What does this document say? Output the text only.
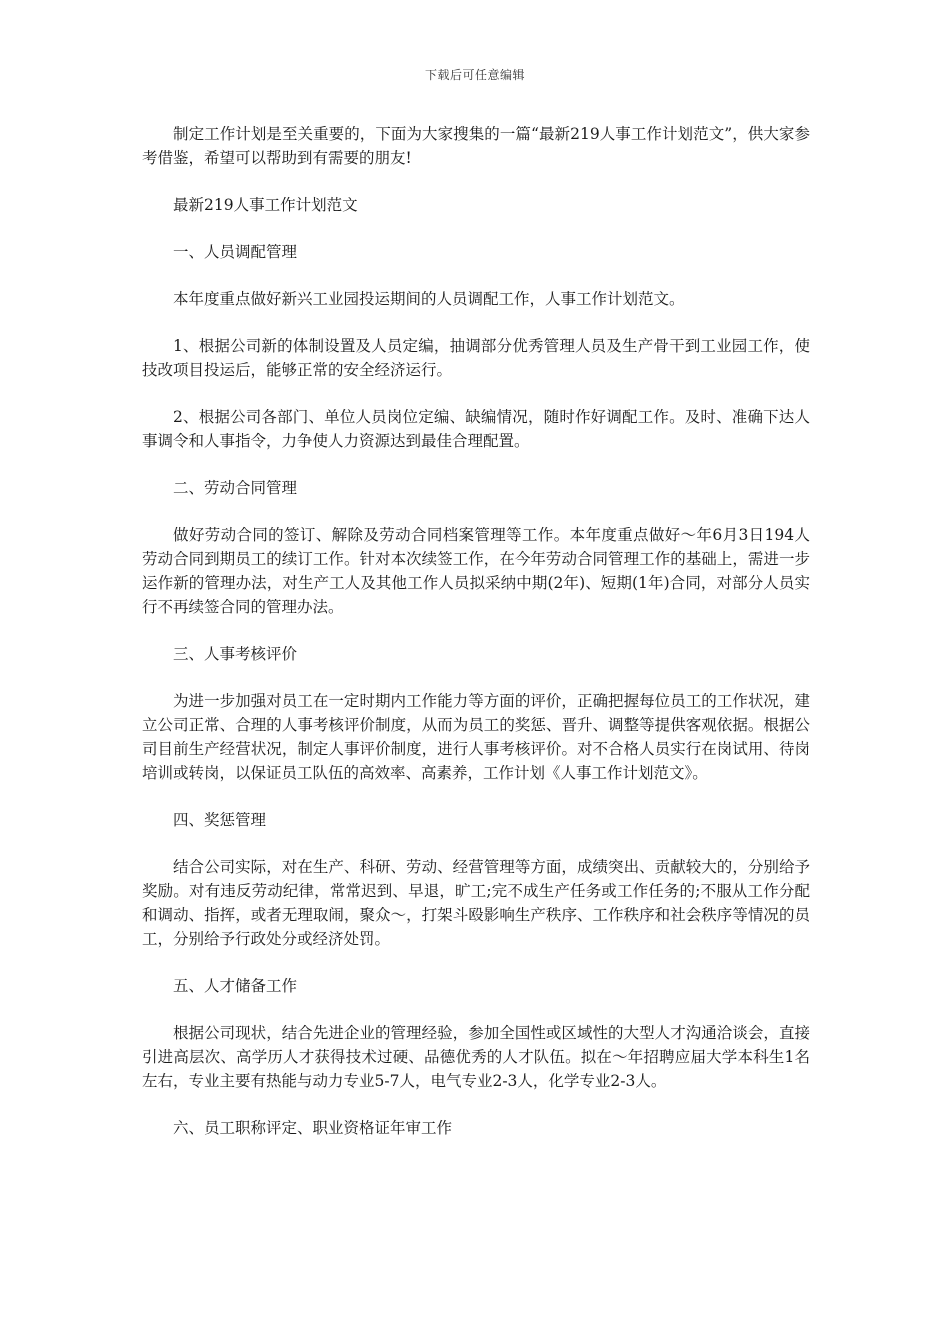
下载后可任意编辑

制定工作计划是至关重要的，下面为大家搜集的一篇“最新219人事工作计划范文”，供大家参考借鉴，希望可以帮助到有需要的朋友!

最新219人事工作计划范文

一、人员调配管理

本年度重点做好新兴工业园投运期间的人员调配工作，人事工作计划范文。

1、根据公司新的体制设置及人员定编，抽调部分优秀管理人员及生产骨干到工业园工作，使技改项目投运后，能够正常的安全经济运行。

2、根据公司各部门、单位人员岗位定编、缺编情况，随时作好调配工作。及时、准确下达人事调令和人事指令，力争使人力资源达到最佳合理配置。

二、劳动合同管理

做好劳动合同的签订、解除及劳动合同档案管理等工作。本年度重点做好～年6月3日194人劳动合同到期员工的续订工作。针对本次续签工作，在今年劳动合同管理工作的基础上，需进一步运作新的管理办法，对生产工人及其他工作人员拟采纳中期(2年)、短期(1年)合同，对部分人员实行不再续签合同的管理办法。

三、人事考核评价

为进一步加强对员工在一定时期内工作能力等方面的评价，正确把握每位员工的工作状况，建立公司正常、合理的人事考核评价制度，从而为员工的奖惩、晋升、调整等提供客观依据。根据公司目前生产经营状况，制定人事评价制度，进行人事考核评价。对不合格人员实行在岗试用、待岗培训或转岗，以保证员工队伍的高效率、高素养，工作计划《人事工作计划范文》。

四、奖惩管理

结合公司实际，对在生产、科研、劳动、经营管理等方面，成绩突出、贡献较大的，分别给予奖励。对有违反劳动纪律，常常迟到、早退，旷工;完不成生产任务或工作任务的;不服从工作分配和调动、指挥，或者无理取闹，聚众～，打架斗殴影响生产秩序、工作秩序和社会秩序等情况的员工，分别给予行政处分或经济处罚。

五、人才储备工作

根据公司现状，结合先进企业的管理经验，参加全国性或区域性的大型人才沟通洽谈会，直接引进高层次、高学历人才获得技术过硬、品德优秀的人才队伍。拟在～年招聘应届大学本科生1名左右，专业主要有热能与动力专业5-7人，电气专业2-3人，化学专业2-3人。

六、员工职称评定、职业资格证年审工作
